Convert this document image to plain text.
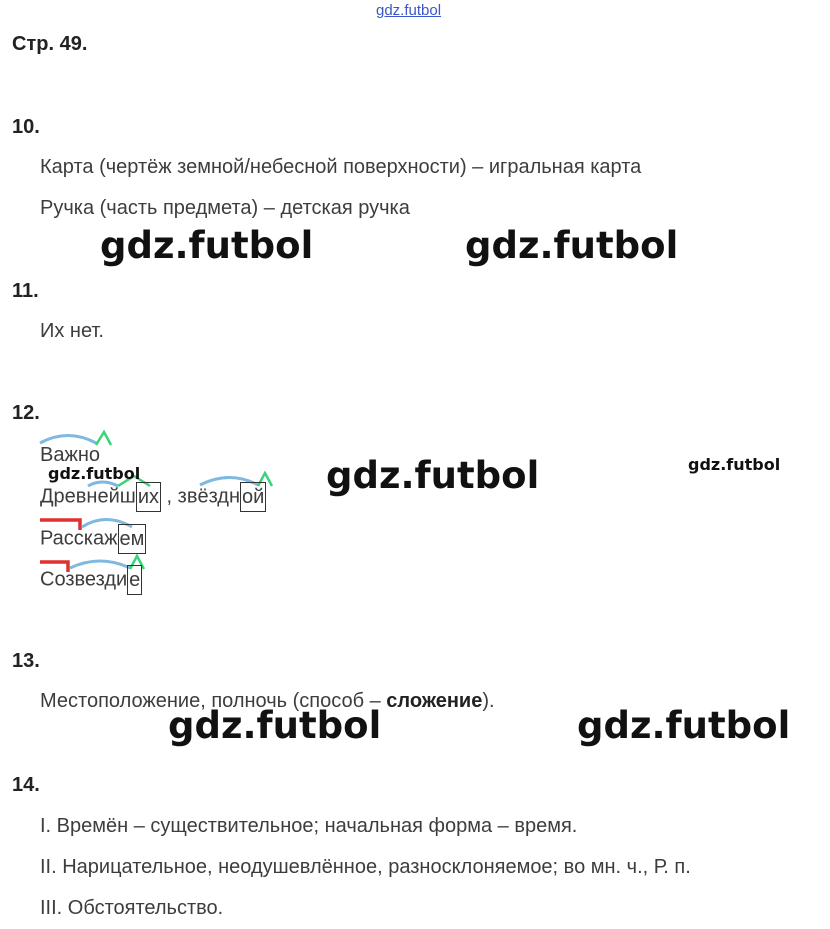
gdz.futbol
Стр. 49.
10.
Карта (чертёж земной/небесной поверхности) – игральная карта
Ручка (часть предмета) – детская ручка
gdz.futbol	gdz.futbol
11.
Их нет.
12.
Важно
gdz.futbol
Древнейш их , звёздн ой gdz.futbol	gdz.futbol
Расскаж ем
Созвезди е
13.
Местоположение, полночь (способ – сложение).
gdz.futbol	gdz.futbol
14.
I. Времён – существительное; начальная форма – время.
II. Нарицательное, неодушевлённое, разносклоняемое; во мн. ч., Р. п.
III. Обстоятельство.
